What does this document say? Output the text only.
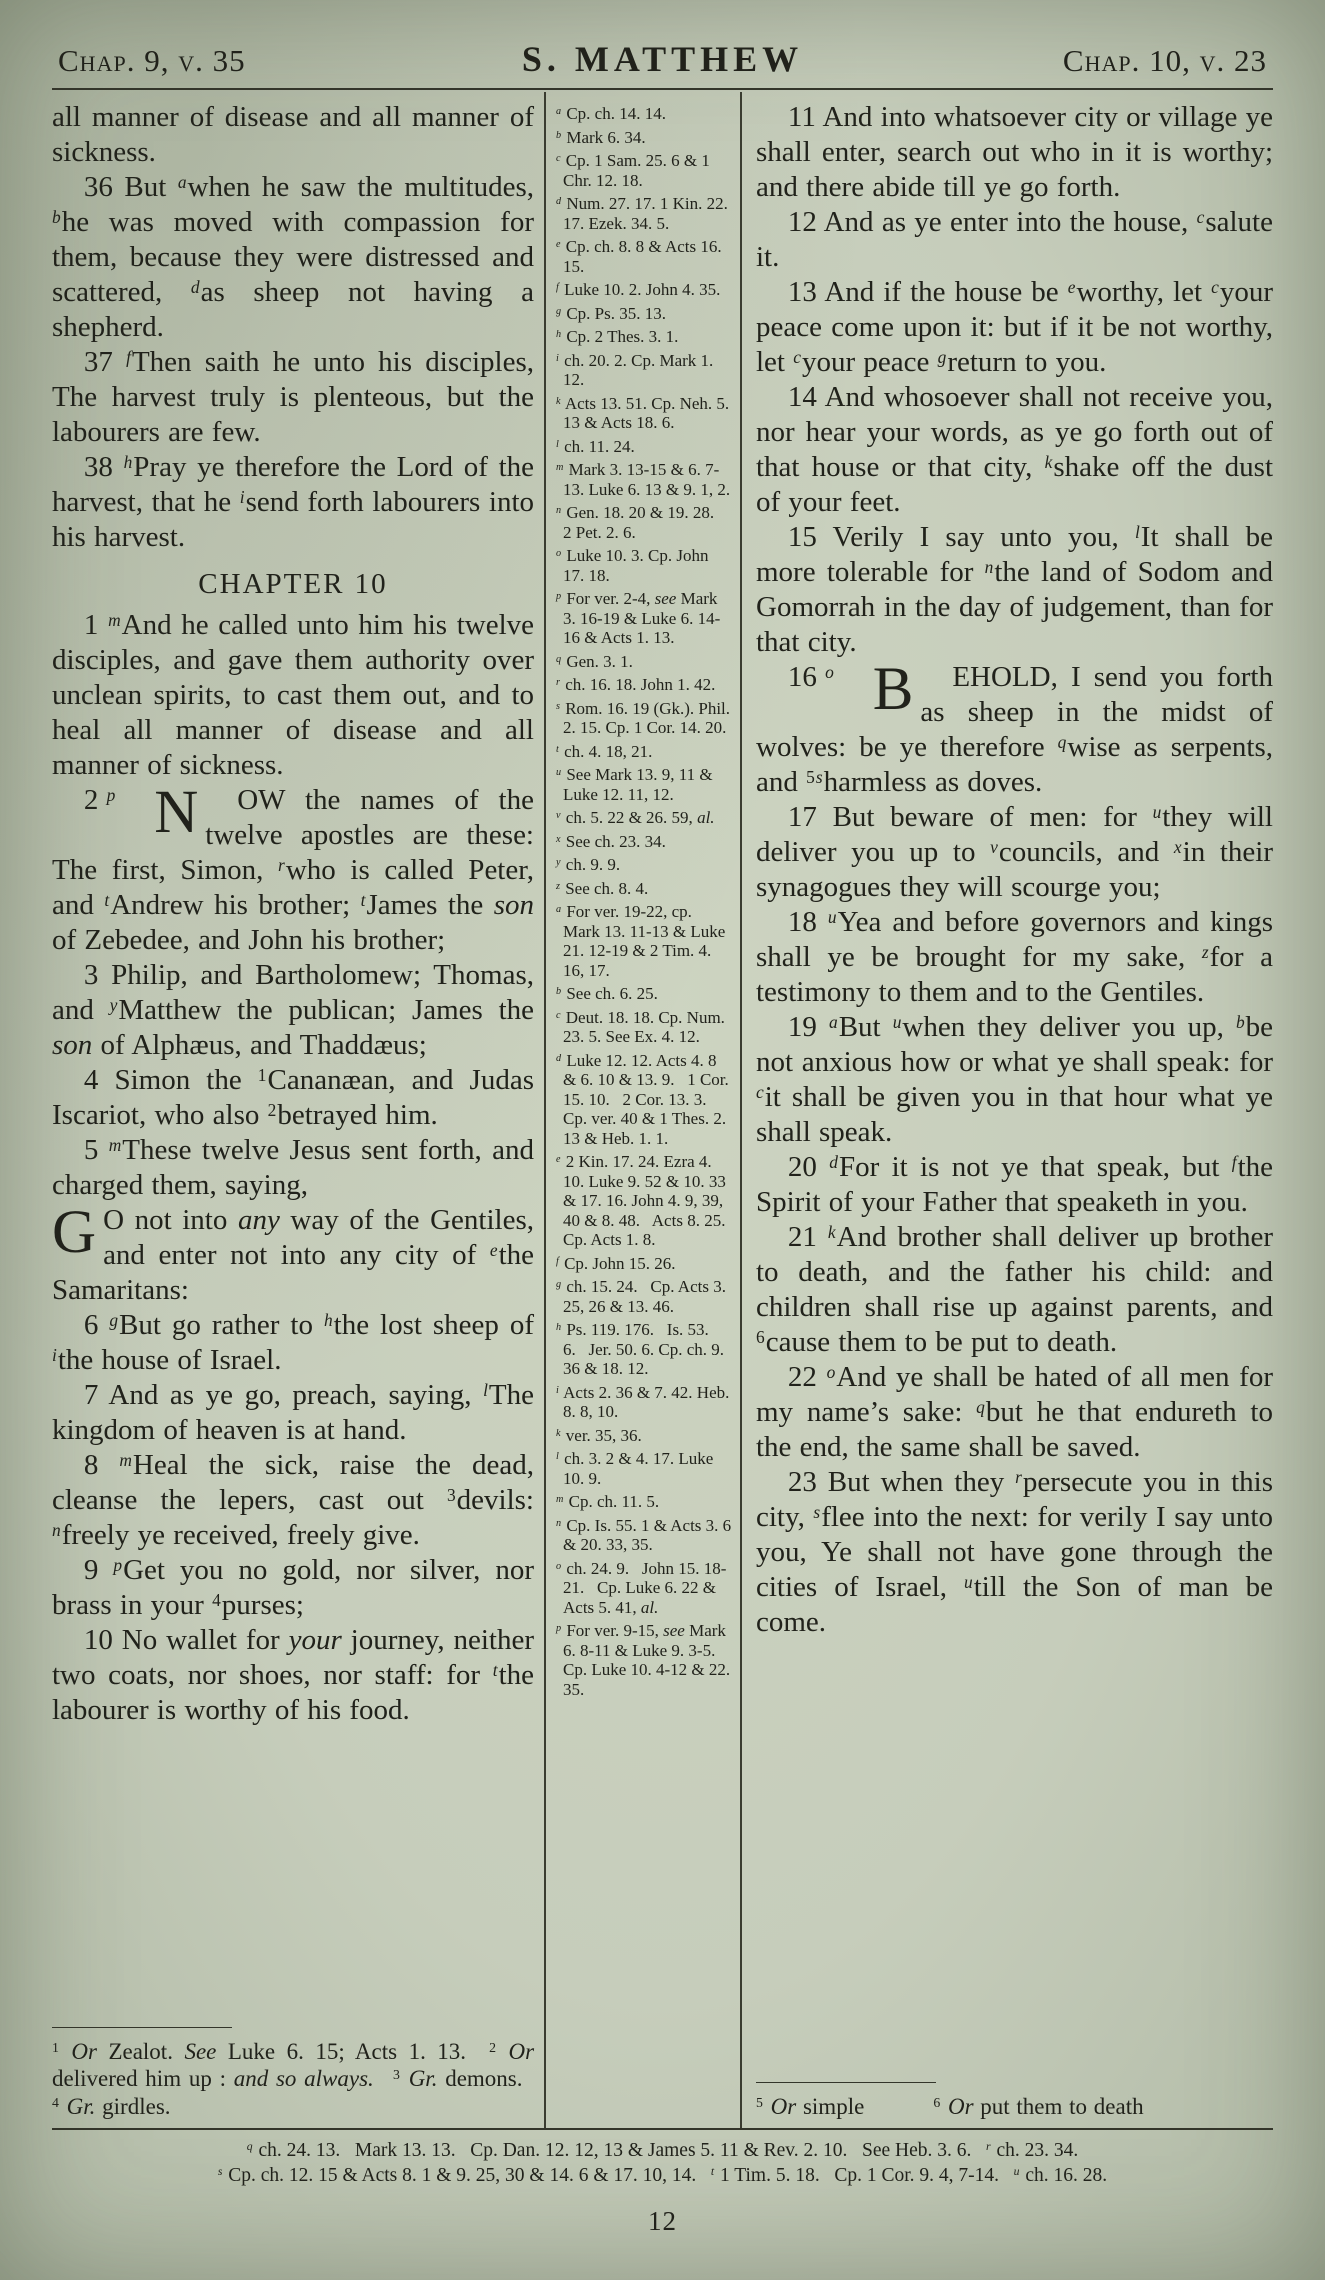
Chap. 9, v. 35	S. MATTHEW	Chap. 10, v. 23

all manner of disease and all manner of sickness.

36 But $^a$when he saw the multitudes, $^b$he was moved with compassion for them, because they were distressed and scattered, $^d$as sheep not having a shepherd.

37 $^f$Then saith he unto his disciples, The harvest truly is plenteous, but the labourers are few.

38 $^h$Pray ye therefore the Lord of the harvest, that he $^i$send forth labourers into his harvest.

CHAPTER 10

1 $^m$And he called unto him his twelve disciples, and gave them authority over unclean spirits, to cast them out, and to heal all manner of disease and all manner of sickness.

2 $^p$ N OW the names of the twelve apostles are these: The first, Simon, $^r$who is called Peter, and $^t$Andrew his brother; $^t$James the son of Zebedee, and John his brother;

3 Philip, and Bartholomew; Thomas, and $^y$Matthew the publican; James the son of Alphæus, and Thaddæus;

4 Simon the $^1$Cananæan, and Judas Iscariot, who also $^2$betrayed him.

5 $^m$These twelve Jesus sent forth, and charged them, saying,

G O not into any way of the Gentiles, and enter not into any city of $^e$the Samaritans:

6 $^g$But go rather to $^h$the lost sheep of $^i$the house of Israel.

7 And as ye go, preach, saying, $^l$The kingdom of heaven is at hand.

8 $^m$Heal the sick, raise the dead, cleanse the lepers, cast out $^3$devils: $^n$freely ye received, freely give.

9 $^p$Get you no gold, nor silver, nor brass in your $^4$purses;

10 No wallet for your journey, neither two coats, nor shoes, nor staff: for $^t$the labourer is worthy of his food.

$^1$ Or Zealot. See Luke 6. 15; Acts 1. 13.  $^2$ Or delivered him up : and so always.  $^3$ Gr. demons.  $^4$ Gr. girdles.

$^a$ Cp. ch. 14. 14.
$^b$ Mark 6. 34.
$^c$ Cp. 1 Sam. 25. 6 & 1 Chr. 12. 18.
$^d$ Num. 27. 17. 1 Kin. 22. 17. Ezek. 34. 5.
$^e$ Cp. ch. 8. 8 & Acts 16. 15.
$^f$ Luke 10. 2. John 4. 35.
$^g$ Cp. Ps. 35. 13.
$^h$ Cp. 2 Thes. 3. 1.
$^i$ ch. 20. 2. Cp. Mark 1. 12.
$^k$ Acts 13. 51. Cp. Neh. 5. 13 & Acts 18. 6.
$^l$ ch. 11. 24.
$^m$ Mark 3. 13-15 & 6. 7-13. Luke 6. 13 & 9. 1, 2.
$^n$ Gen. 18. 20 & 19. 28.  2 Pet. 2. 6.
$^o$ Luke 10. 3. Cp. John 17. 18.
$^p$ For ver. 2-4, see Mark 3. 16-19 & Luke 6. 14-16 & Acts 1. 13.
$^q$ Gen. 3. 1.
$^r$ ch. 16. 18. John 1. 42.
$^s$ Rom. 16. 19 (Gk.). Phil. 2. 15. Cp. 1 Cor. 14. 20.
$^t$ ch. 4. 18, 21.
$^u$ See Mark 13. 9, 11 & Luke 12. 11, 12.
$^v$ ch. 5. 22 & 26. 59, al.
$^x$ See ch. 23. 34.
$^y$ ch. 9. 9.
$^z$ See ch. 8. 4.
$^a$ For ver. 19-22, cp. Mark 13. 11-13 & Luke 21. 12-19 & 2 Tim. 4. 16, 17.
$^b$ See ch. 6. 25.
$^c$ Deut. 18. 18. Cp. Num. 23. 5. See Ex. 4. 12.
$^d$ Luke 12. 12. Acts 4. 8 & 6. 10 & 13. 9.  1 Cor. 15. 10.  2 Cor. 13. 3. Cp. ver. 40 & 1 Thes. 2. 13 & Heb. 1. 1.
$^e$ 2 Kin. 17. 24. Ezra 4. 10. Luke 9. 52 & 10. 33 & 17. 16. John 4. 9, 39, 40 & 8. 48.  Acts 8. 25. Cp. Acts 1. 8.
$^f$ Cp. John 15. 26.
$^g$ ch. 15. 24.  Cp. Acts 3. 25, 26 & 13. 46.
$^h$ Ps. 119. 176.  Is. 53. 6.  Jer. 50. 6. Cp. ch. 9. 36 & 18. 12.
$^i$ Acts 2. 36 & 7. 42. Heb. 8. 8, 10.
$^k$ ver. 35, 36.
$^l$ ch. 3. 2 & 4. 17. Luke 10. 9.
$^m$ Cp. ch. 11. 5.
$^n$ Cp. Is. 55. 1 & Acts 3. 6 & 20. 33, 35.
$^o$ ch. 24. 9.  John 15. 18-21.  Cp. Luke 6. 22 & Acts 5. 41, al.
$^p$ For ver. 9-15, see Mark 6. 8-11 & Luke 9. 3-5. Cp. Luke 10. 4-12 & 22. 35.

11 And into whatsoever city or village ye shall enter, search out who in it is worthy; and there abide till ye go forth.

12 And as ye enter into the house, $^c$salute it.

13 And if the house be $^e$worthy, let $^c$your peace come upon it: but if it be not worthy, let $^c$your peace $^g$return to you.

14 And whosoever shall not receive you, nor hear your words, as ye go forth out of that house or that city, $^k$shake off the dust of your feet.

15 Verily I say unto you, $^l$It shall be more tolerable for $^n$the land of Sodom and Gomorrah in the day of judgement, than for that city.

16 $^o$ B EHOLD, I send you forth as sheep in the midst of wolves: be ye therefore $^q$wise as serpents, and $^{5s}$harmless as doves.

17 But beware of men: for $^u$they will deliver you up to $^v$councils, and $^x$in their synagogues they will scourge you;

18 $^u$Yea and before governors and kings shall ye be brought for my sake, $^z$for a testimony to them and to the Gentiles.

19 $^a$But $^u$when they deliver you up, $^b$be not anxious how or what ye shall speak: for $^c$it shall be given you in that hour what ye shall speak.

20 $^d$For it is not ye that speak, but $^f$the Spirit of your Father that speaketh in you.

21 $^k$And brother shall deliver up brother to death, and the father his child: and children shall rise up against parents, and $^6$cause them to be put to death.

22 $^o$And ye shall be hated of all men for my name’s sake: $^q$but he that endureth to the end, the same shall be saved.

23 But when they $^r$persecute you in this city, $^s$flee into the next: for verily I say unto you, Ye shall not have gone through the cities of Israel, $^u$till the Son of man be come.

$^5$ Or simple   $^6$ Or put them to death

$^q$ ch. 24. 13.  Mark 13. 13.  Cp. Dan. 12. 12, 13 & James 5. 11 & Rev. 2. 10.  See Heb. 3. 6.  $^r$ ch. 23. 34.
$^s$ Cp. ch. 12. 15 & Acts 8. 1 & 9. 25, 30 & 14. 6 & 17. 10, 14.  $^t$ 1 Tim. 5. 18.  Cp. 1 Cor. 9. 4, 7-14.  $^u$ ch. 16. 28.
12
